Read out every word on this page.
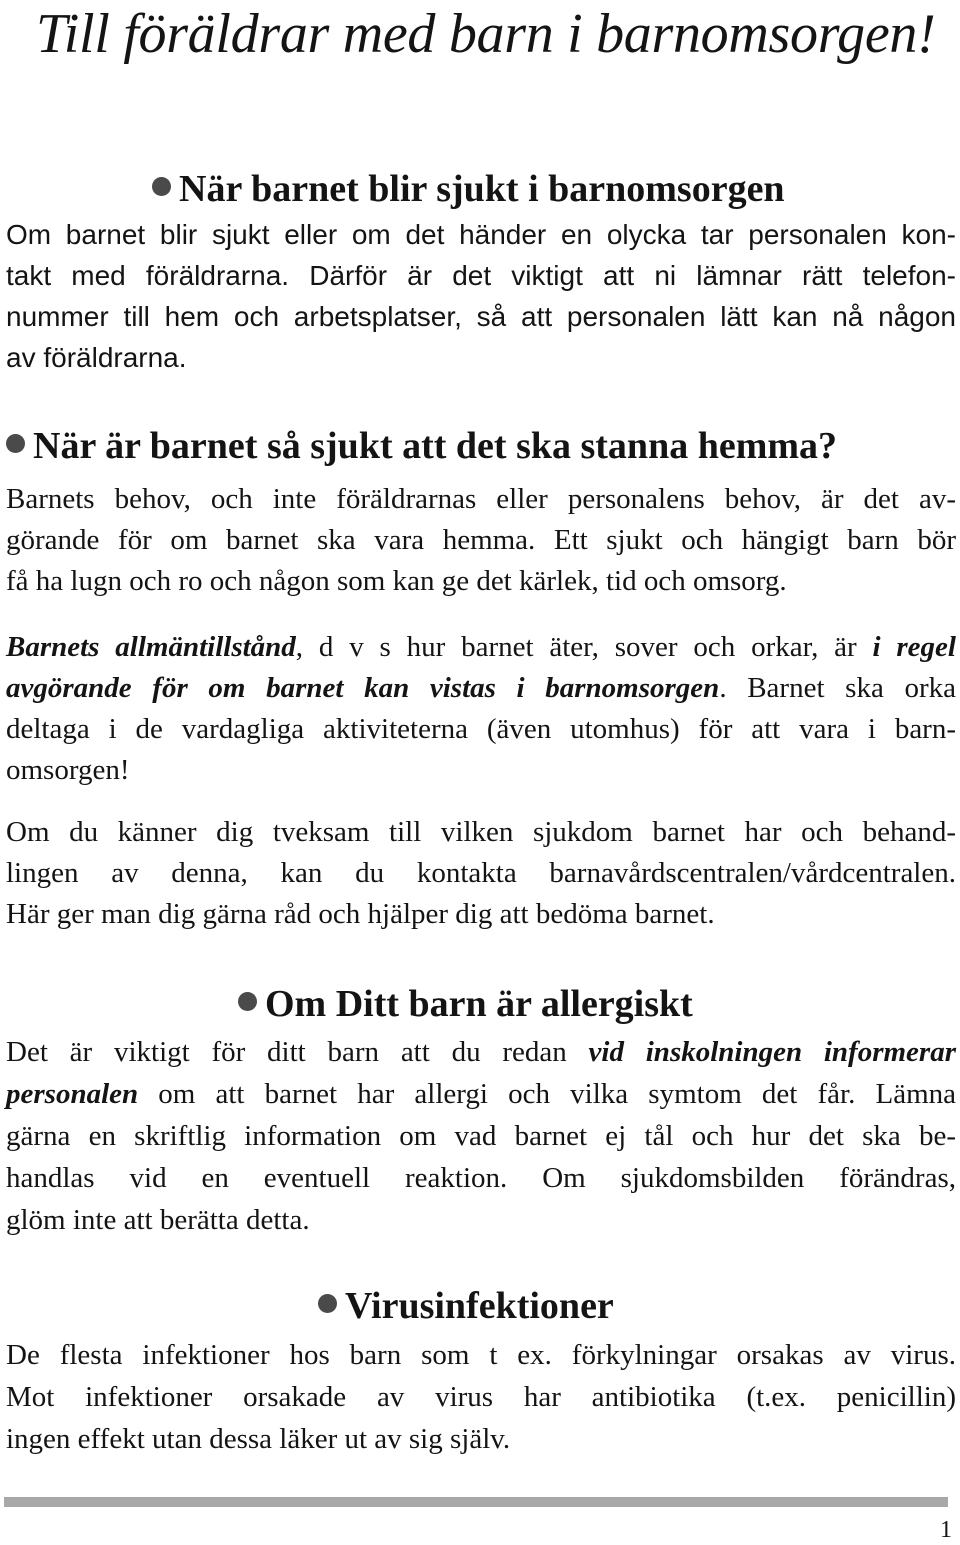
Till föräldrar med barn i barnomsorgen!
När barnet blir sjukt i barnomsorgen
Om barnet blir sjukt eller om det händer en olycka tar personalen kon-
takt med föräldrarna. Därför är det viktigt att ni lämnar rätt telefon-
nummer till hem och arbetsplatser, så att personalen lätt kan nå någon
av föräldrarna.
När är barnet så sjukt att det ska stanna hemma?
Barnets behov, och inte föräldrarnas eller personalens behov, är det av-
görande för om barnet ska vara hemma. Ett sjukt och hängigt barn bör
få ha lugn och ro och någon som kan ge det kärlek, tid och omsorg.
Barnets allmäntillstånd, d v s hur barnet äter, sover och orkar, är i regel
avgörande för om barnet kan vistas i barnomsorgen. Barnet ska orka
deltaga i de vardagliga aktiviteterna (även utomhus) för att vara i barn-
omsorgen!
Om du känner dig tveksam till vilken sjukdom barnet har och behand-
lingen av denna, kan du kontakta barnavårdscentralen/vårdcentralen.
Här ger man dig gärna råd och hjälper dig att bedöma barnet.
Om Ditt barn är allergiskt
Det är viktigt för ditt barn att du redan vid inskolningen informerar
personalen om att barnet har allergi och vilka symtom det får. Lämna
gärna en skriftlig information om vad barnet ej tål och hur det ska be-
handlas vid en eventuell reaktion. Om sjukdomsbilden förändras,
glöm inte att berätta detta.
Virusinfektioner
De flesta infektioner hos barn som t ex. förkylningar orsakas av virus.
Mot infektioner orsakade av virus har antibiotika (t.ex. penicillin)
ingen effekt utan dessa läker ut av sig själv.
1
